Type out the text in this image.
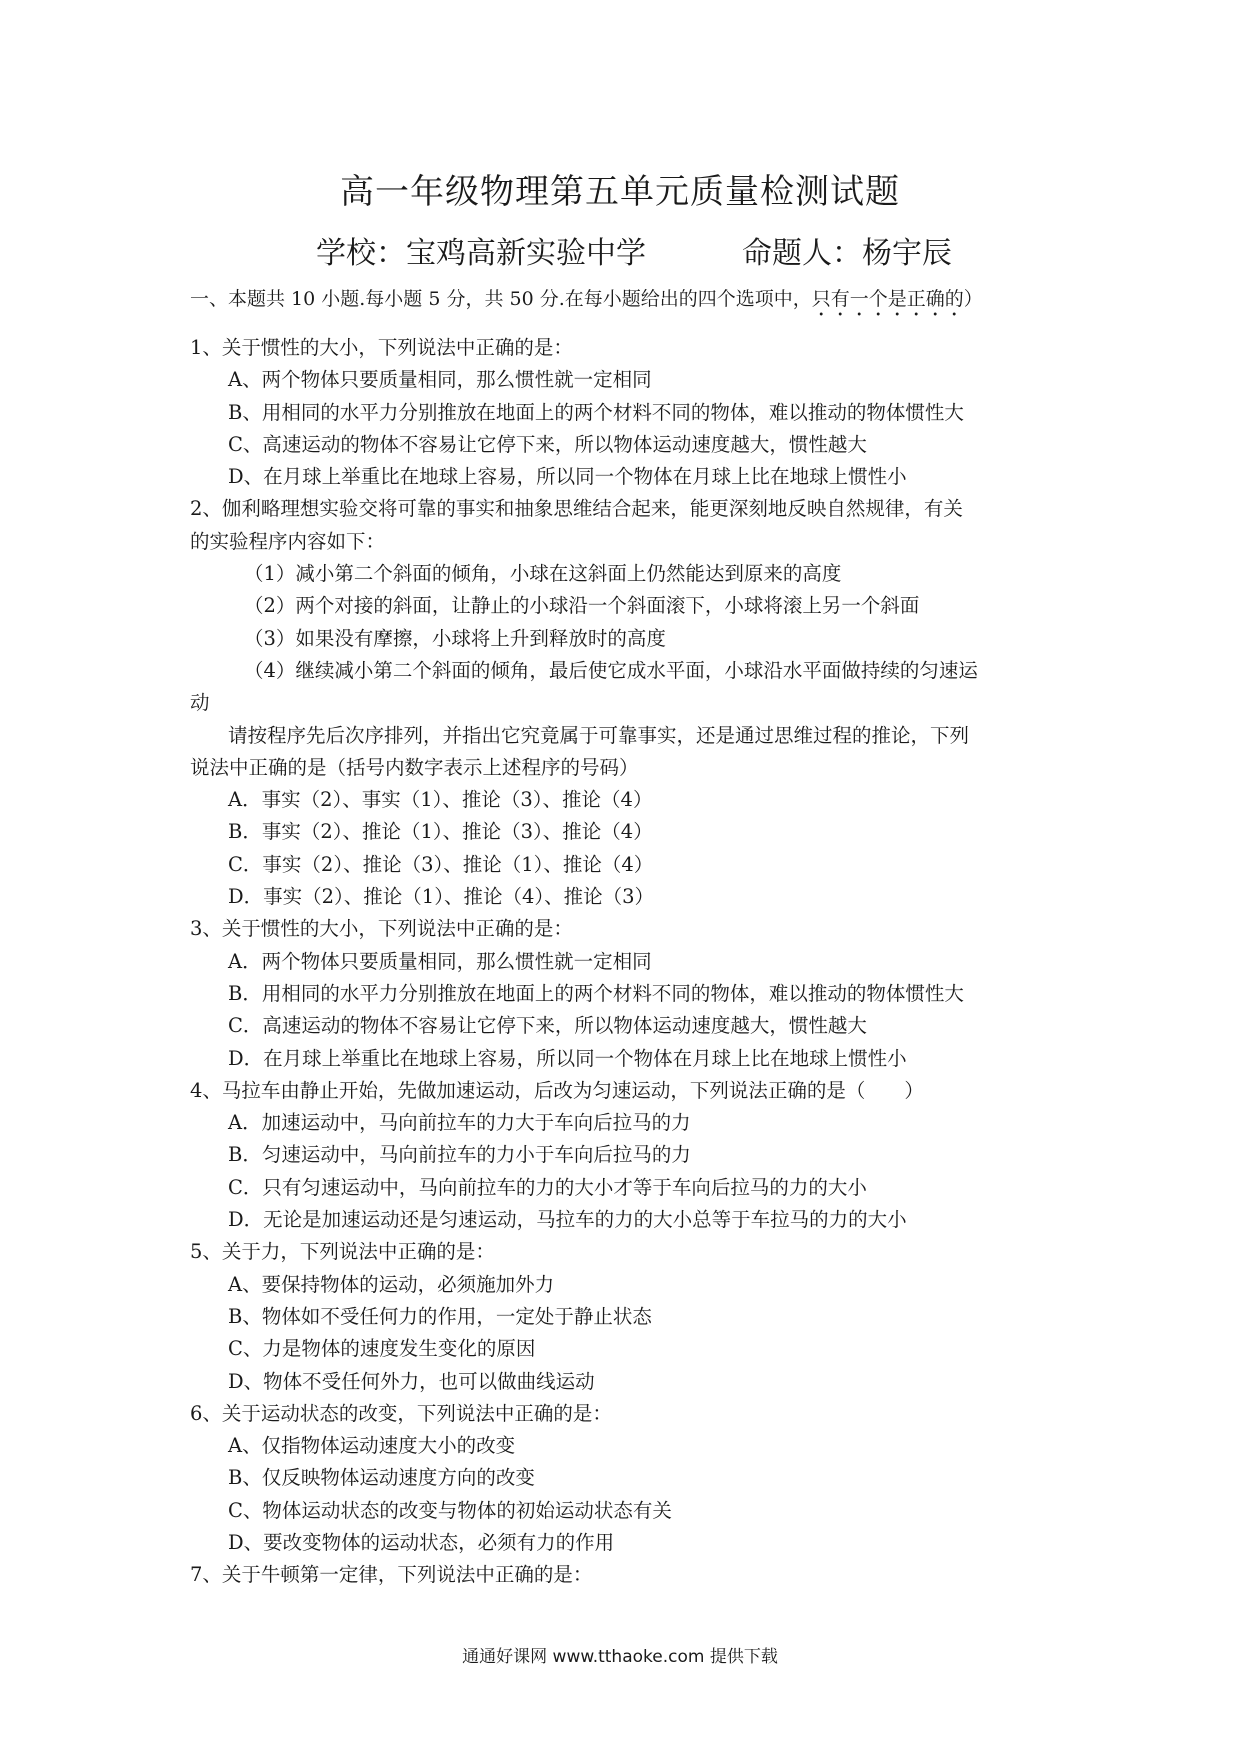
高一年级物理第五单元质量检测试题
学校：宝鸡高新实验中学	命题人：杨宇辰
一、本题共 10 小题.每小题 5 分，共 50 分.在每小题给出的四个选项中，只有一个是正确的）
1、关于惯性的大小，下列说法中正确的是：
A、两个物体只要质量相同，那么惯性就一定相同
B、用相同的水平力分别推放在地面上的两个材料不同的物体，难以推动的物体惯性大
C、高速运动的物体不容易让它停下来，所以物体运动速度越大，惯性越大
D、在月球上举重比在地球上容易，所以同一个物体在月球上比在地球上惯性小
2、伽利略理想实验交将可靠的事实和抽象思维结合起来，能更深刻地反映自然规律，有关
的实验程序内容如下：
（1）减小第二个斜面的倾角，小球在这斜面上仍然能达到原来的高度
（2）两个对接的斜面，让静止的小球沿一个斜面滚下，小球将滚上另一个斜面
（3）如果没有摩擦，小球将上升到释放时的高度
（4）继续减小第二个斜面的倾角，最后使它成水平面，小球沿水平面做持续的匀速运
动
请按程序先后次序排列，并指出它究竟属于可靠事实，还是通过思维过程的推论，下列
说法中正确的是（括号内数字表示上述程序的号码）
A．事实（2）、事实（1）、推论（3）、推论（4）
B．事实（2）、推论（1）、推论（3）、推论（4）
C．事实（2）、推论（3）、推论（1）、推论（4）
D．事实（2）、推论（1）、推论（4）、推论（3）
3、关于惯性的大小，下列说法中正确的是：
A．两个物体只要质量相同，那么惯性就一定相同
B．用相同的水平力分别推放在地面上的两个材料不同的物体，难以推动的物体惯性大
C．高速运动的物体不容易让它停下来，所以物体运动速度越大，惯性越大
D．在月球上举重比在地球上容易，所以同一个物体在月球上比在地球上惯性小
4、马拉车由静止开始，先做加速运动，后改为匀速运动，下列说法正确的是（　　）
A．加速运动中，马向前拉车的力大于车向后拉马的力
B．匀速运动中，马向前拉车的力小于车向后拉马的力
C．只有匀速运动中，马向前拉车的力的大小才等于车向后拉马的力的大小
D．无论是加速运动还是匀速运动，马拉车的力的大小总等于车拉马的力的大小
5、关于力，下列说法中正确的是：
A、要保持物体的运动，必须施加外力
B、物体如不受任何力的作用，一定处于静止状态
C、力是物体的速度发生变化的原因
D、物体不受任何外力，也可以做曲线运动
6、关于运动状态的改变，下列说法中正确的是：
A、仅指物体运动速度大小的改变
B、仅反映物体运动速度方向的改变
C、物体运动状态的改变与物体的初始运动状态有关
D、要改变物体的运动状态，必须有力的作用
7、关于牛顿第一定律，下列说法中正确的是：
通通好课网 www.tthaoke.com 提供下载
